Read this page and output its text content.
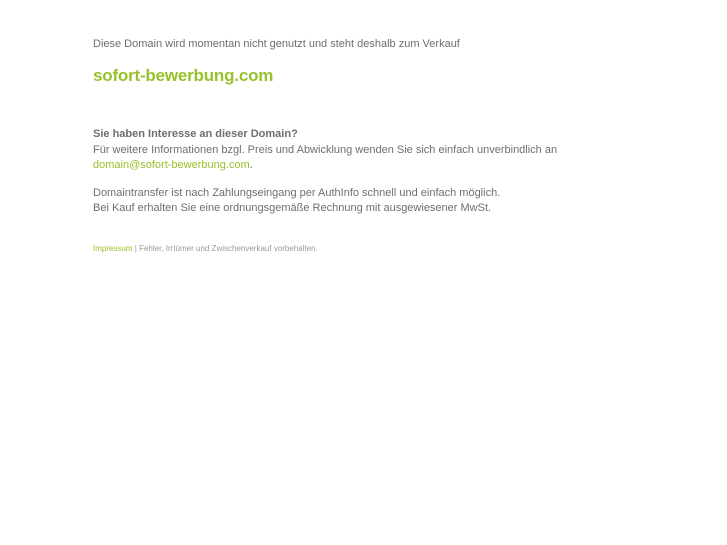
Diese Domain wird momentan nicht genutzt und steht deshalb zum Verkauf

sofort-bewerbung.com
Sie haben Interesse an dieser Domain?
Für weitere Informationen bzgl. Preis und Abwicklung wenden Sie sich einfach unverbindlich an
domain@sofort-bewerbung.com.
Domaintransfer ist nach Zahlungseingang per AuthInfo schnell und einfach möglich.
Bei Kauf erhalten Sie eine ordnungsgemäße Rechnung mit ausgewiesener MwSt.
Impressum | Fehler, Irrtümer und Zwischenverkauf vorbehalten.
